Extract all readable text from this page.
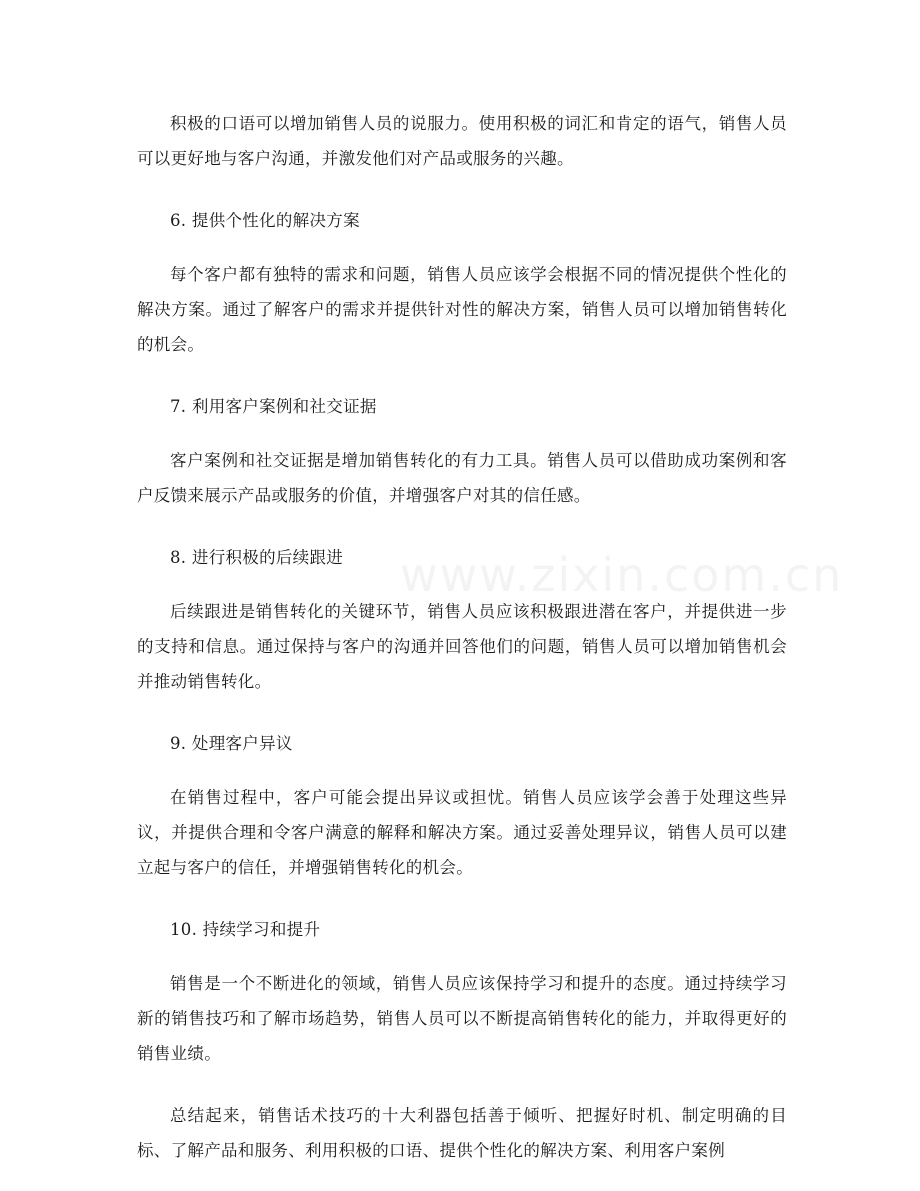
积极的口语可以增加销售人员的说服力。使用积极的词汇和肯定的语气，销售人员可以更好地与客户沟通，并激发他们对产品或服务的兴趣。

6. 提供个性化的解决方案

每个客户都有独特的需求和问题，销售人员应该学会根据不同的情况提供个性化的解决方案。通过了解客户的需求并提供针对性的解决方案，销售人员可以增加销售转化的机会。

7. 利用客户案例和社交证据

客户案例和社交证据是增加销售转化的有力工具。销售人员可以借助成功案例和客户反馈来展示产品或服务的价值，并增强客户对其的信任感。

8. 进行积极的后续跟进

后续跟进是销售转化的关键环节，销售人员应该积极跟进潜在客户，并提供进一步的支持和信息。通过保持与客户的沟通并回答他们的问题，销售人员可以增加销售机会并推动销售转化。

9. 处理客户异议

在销售过程中，客户可能会提出异议或担忧。销售人员应该学会善于处理这些异议，并提供合理和令客户满意的解释和解决方案。通过妥善处理异议，销售人员可以建立起与客户的信任，并增强销售转化的机会。

10. 持续学习和提升

销售是一个不断进化的领域，销售人员应该保持学习和提升的态度。通过持续学习新的销售技巧和了解市场趋势，销售人员可以不断提高销售转化的能力，并取得更好的销售业绩。

总结起来，销售话术技巧的十大利器包括善于倾听、把握好时机、制定明确的目标、了解产品和服务、利用积极的口语、提供个性化的解决方案、利用客户案例
